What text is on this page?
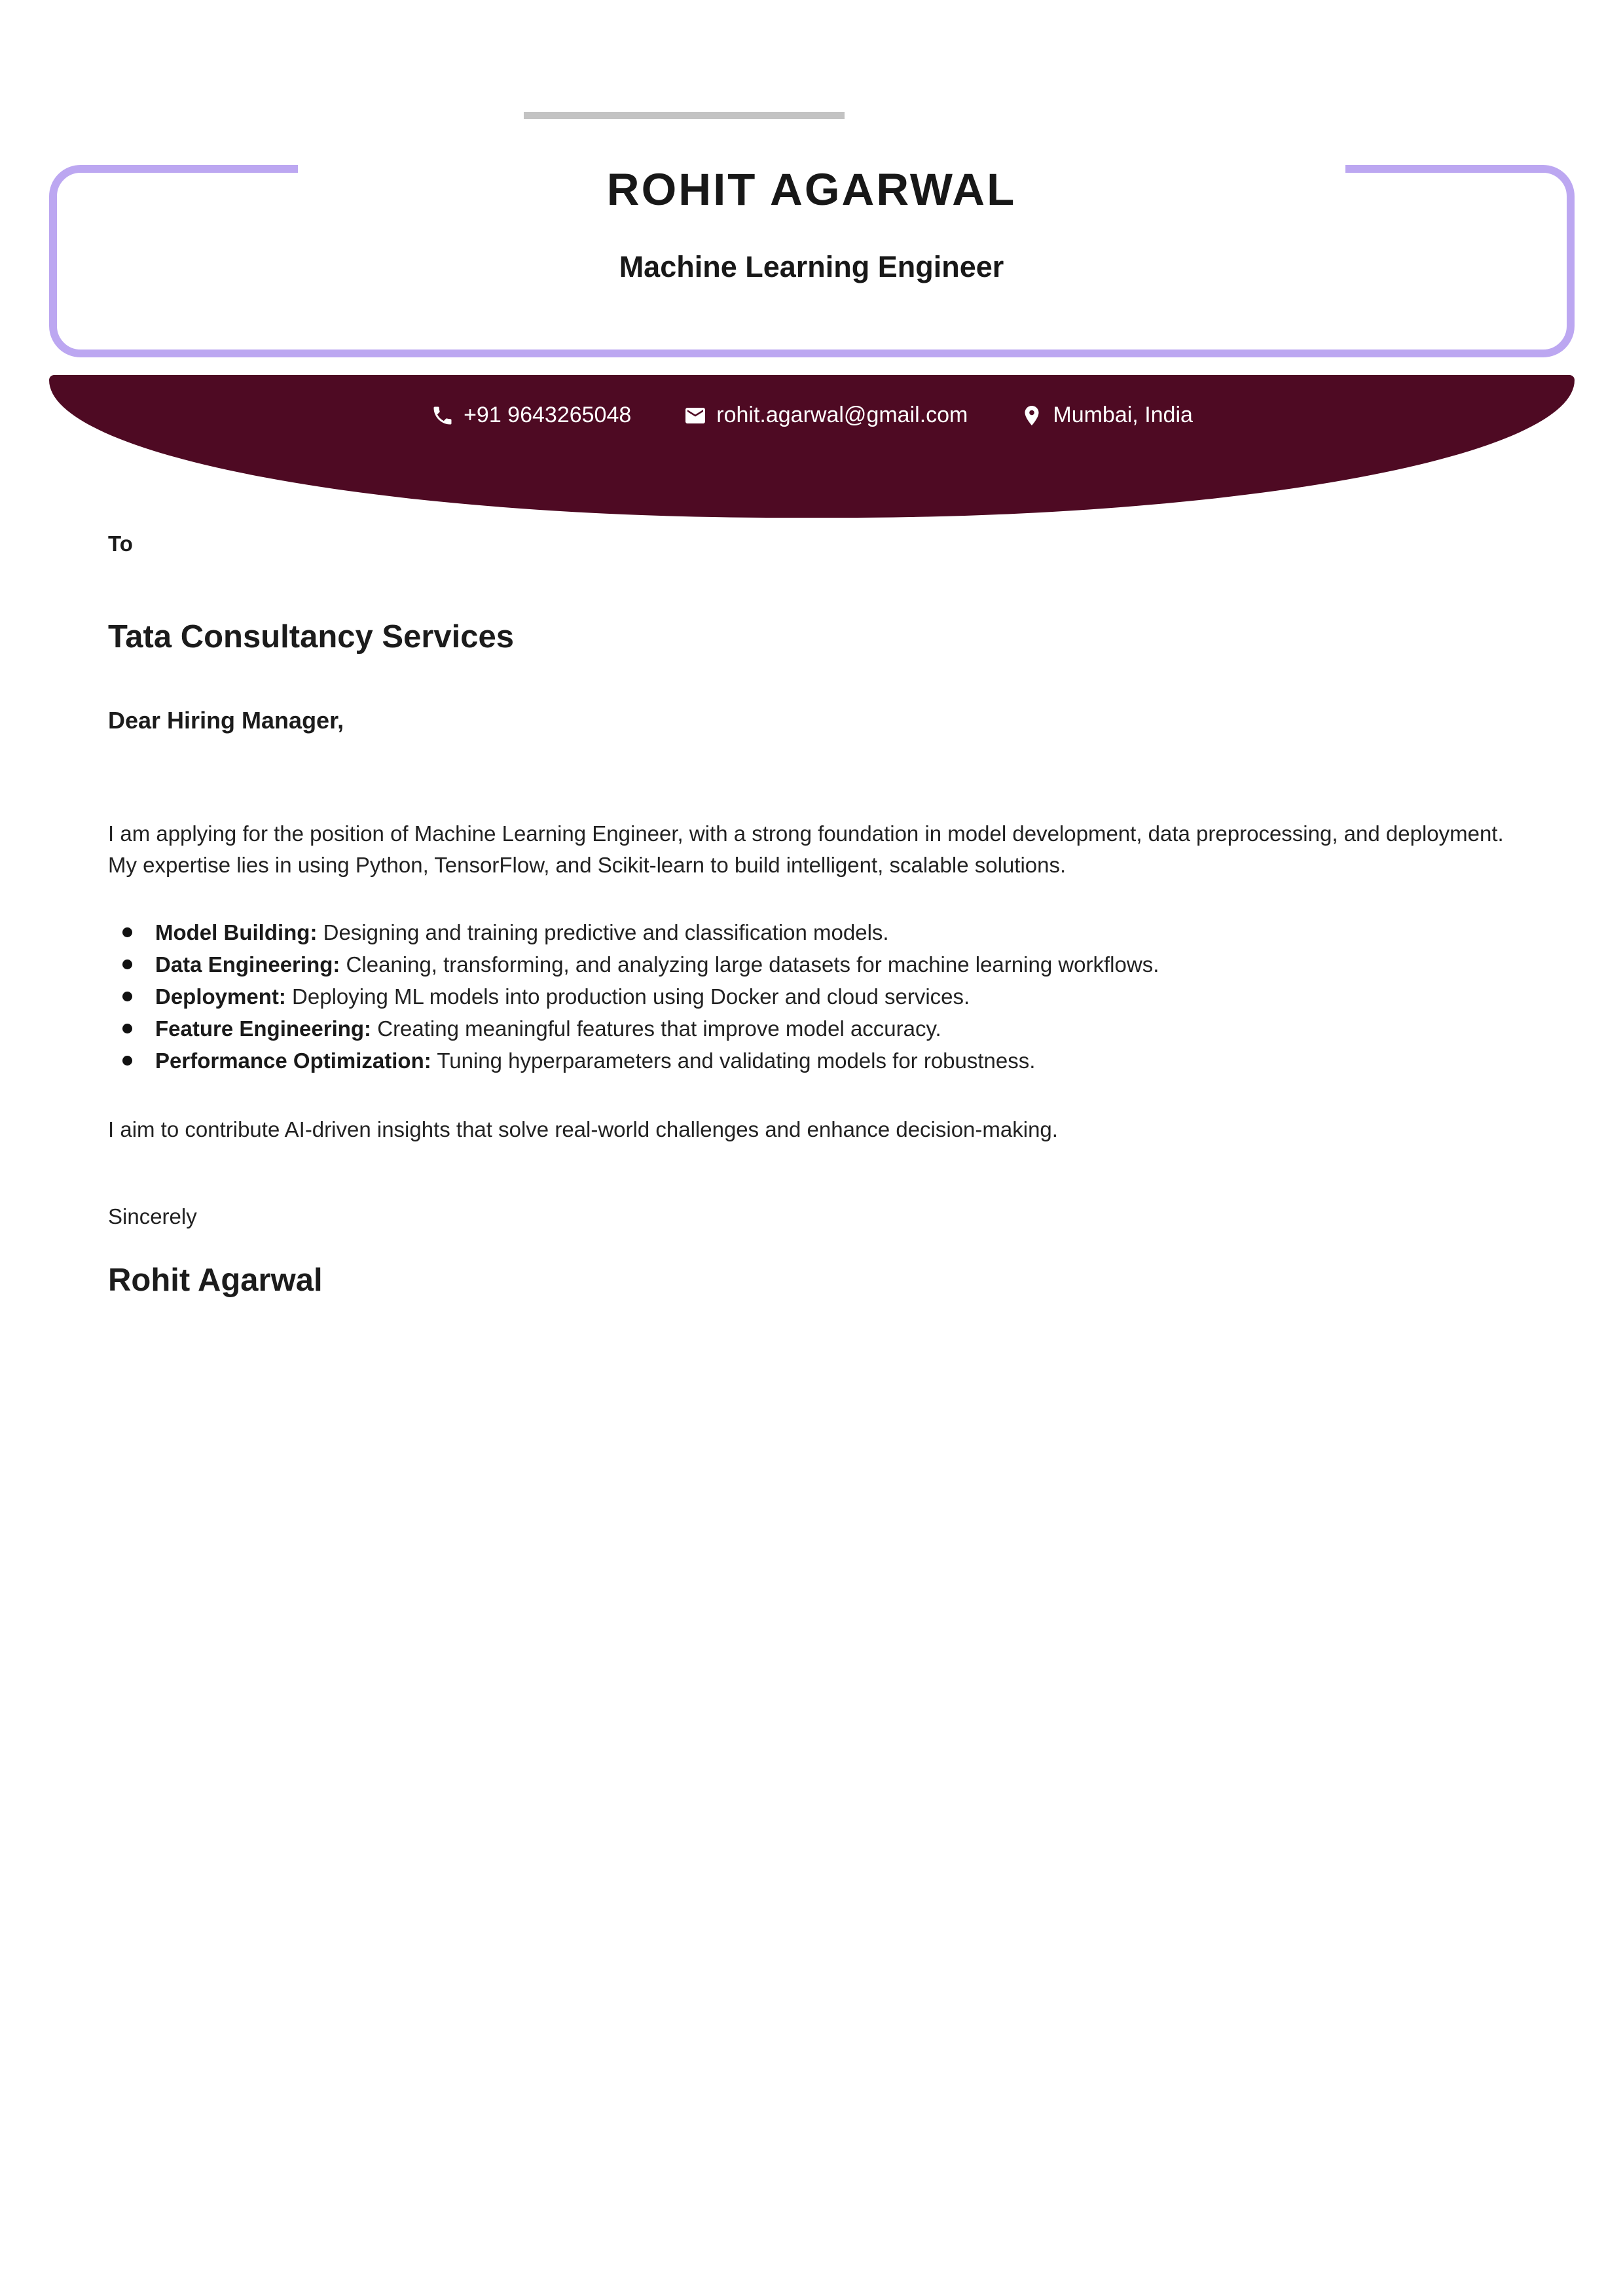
ROHIT AGARWAL
Machine Learning Engineer
+91 9643265048	rohit.agarwal@gmail.com	Mumbai, India
To
Tata Consultancy Services
Dear Hiring Manager,

I am applying for the position of Machine Learning Engineer, with a strong foundation in model development, data preprocessing, and deployment. My expertise lies in using Python, TensorFlow, and Scikit-learn to build intelligent, scalable solutions.

Model Building: Designing and training predictive and classification models.
Data Engineering: Cleaning, transforming, and analyzing large datasets for machine learning workflows.
Deployment: Deploying ML models into production using Docker and cloud services.
Feature Engineering: Creating meaningful features that improve model accuracy.
Performance Optimization: Tuning hyperparameters and validating models for robustness.

I aim to contribute AI-driven insights that solve real-world challenges and enhance decision-making.

Sincerely
Rohit Agarwal
